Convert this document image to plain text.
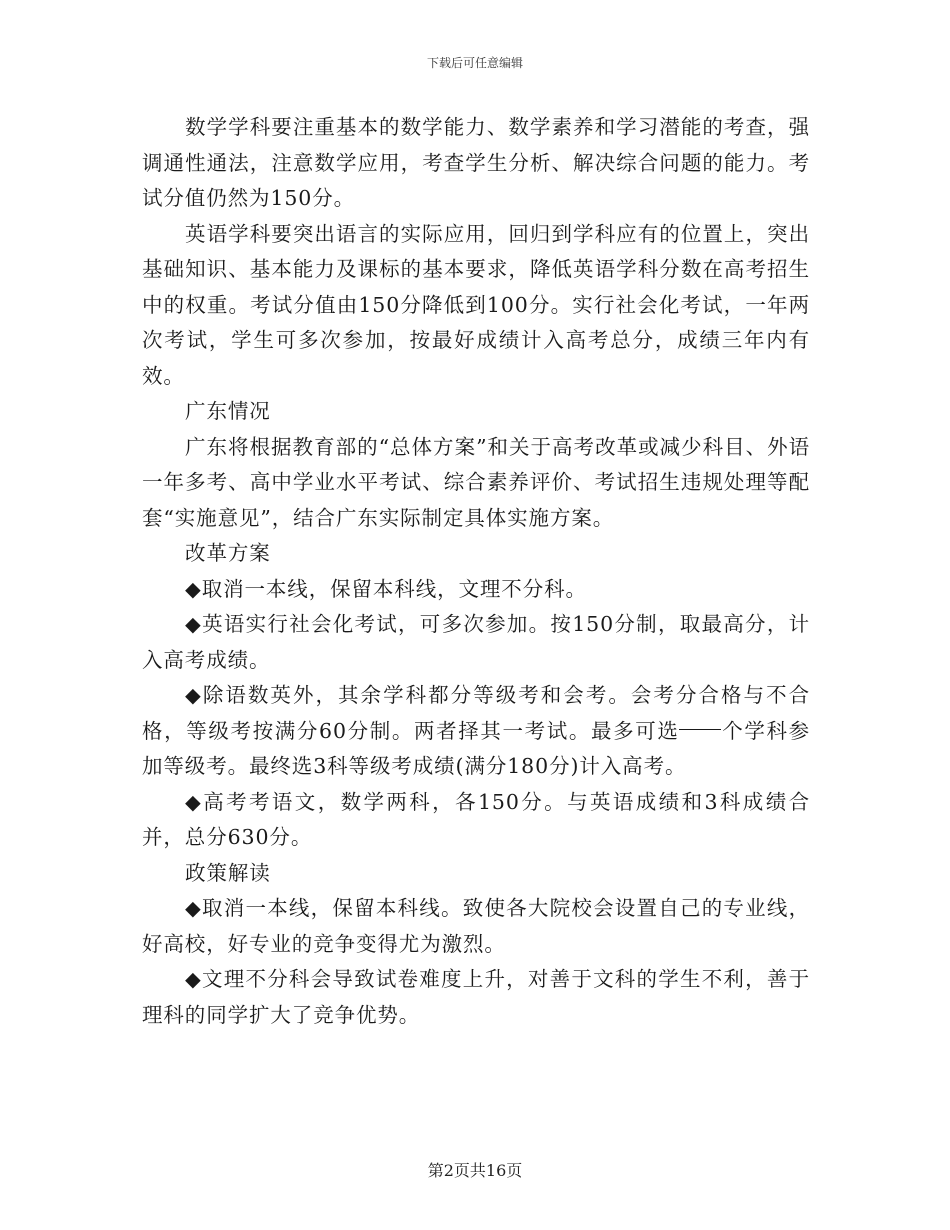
下载后可任意编辑

数学学科要注重基本的数学能力、数学素养和学习潜能的考查，强调通性通法，注意数学应用，考查学生分析、解决综合问题的能力。考试分值仍然为150分。

英语学科要突出语言的实际应用，回归到学科应有的位置上，突出基础知识、基本能力及课标的基本要求，降低英语学科分数在高考招生中的权重。考试分值由150分降低到100分。实行社会化考试，一年两次考试，学生可多次参加，按最好成绩计入高考总分，成绩三年内有效。

广东情况

广东将根据教育部的“总体方案”和关于高考改革或减少科目、外语一年多考、高中学业水平考试、综合素养评价、考试招生违规处理等配套“实施意见”，结合广东实际制定具体实施方案。

改革方案

◆取消一本线，保留本科线，文理不分科。

◆英语实行社会化考试，可多次参加。按150分制，取最高分，计入高考成绩。

◆除语数英外，其余学科都分等级考和会考。会考分合格与不合格，等级考按满分60分制。两者择其一考试。最多可选 个学科参加等级考。最终选3科等级考成绩(满分180分)计入高考。

◆高考考语文，数学两科，各150分。与英语成绩和3科成绩合并，总分630分。

政策解读

◆取消一本线，保留本科线。致使各大院校会设置自己的专业线，好高校，好专业的竞争变得尤为激烈。

◆文理不分科会导致试卷难度上升，对善于文科的学生不利，善于理科的同学扩大了竞争优势。

第2页共16页
